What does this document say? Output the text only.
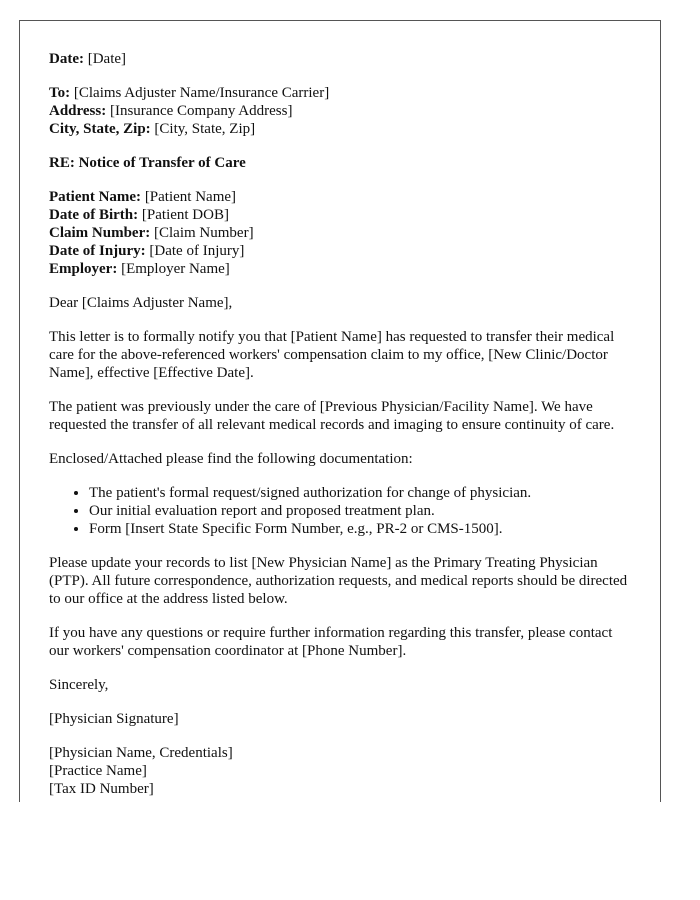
Date: [Date]

To: [Claims Adjuster Name/Insurance Carrier]
Address: [Insurance Company Address]
City, State, Zip: [City, State, Zip]

RE: Notice of Transfer of Care

Patient Name: [Patient Name]
Date of Birth: [Patient DOB]
Claim Number: [Claim Number]
Date of Injury: [Date of Injury]
Employer: [Employer Name]

Dear [Claims Adjuster Name],

This letter is to formally notify you that [Patient Name] has requested to transfer their medical care for the above-referenced workers' compensation claim to my office, [New Clinic/Doctor Name], effective [Effective Date].

The patient was previously under the care of [Previous Physician/Facility Name]. We have requested the transfer of all relevant medical records and imaging to ensure continuity of care.

Enclosed/Attached please find the following documentation:

• The patient's formal request/signed authorization for change of physician.
• Our initial evaluation report and proposed treatment plan.
• Form [Insert State Specific Form Number, e.g., PR-2 or CMS-1500].

Please update your records to list [New Physician Name] as the Primary Treating Physician (PTP). All future correspondence, authorization requests, and medical reports should be directed to our office at the address listed below.

If you have any questions or require further information regarding this transfer, please contact our workers' compensation coordinator at [Phone Number].

Sincerely,

[Physician Signature]

[Physician Name, Credentials]
[Practice Name]
[Tax ID Number]
